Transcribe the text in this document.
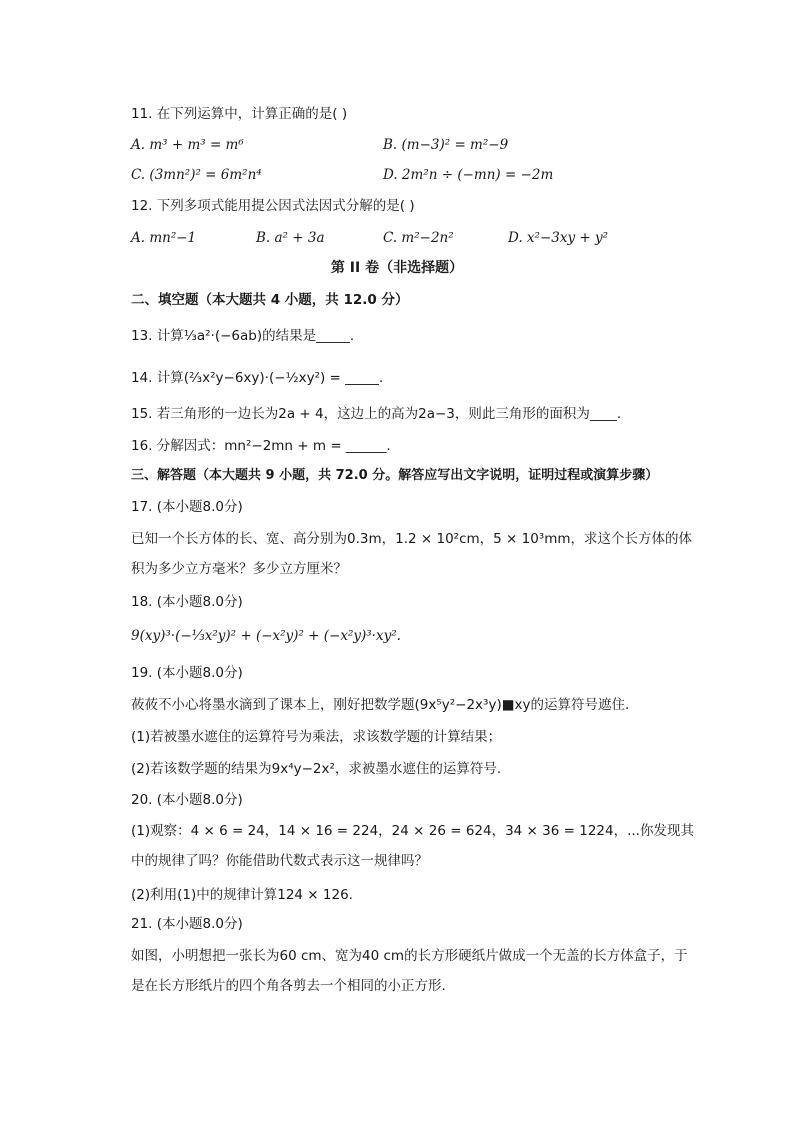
11. 在下列运算中，计算正确的是( )
A. m³ + m³ = m⁶	B. (m−3)² = m²−9
C. (3mn²)² = 6m²n⁴	D. 2m²n ÷ (−mn) = −2m
12. 下列多项式能用提公因式法因式分解的是( )
A. mn²−1	B. a² + 3a	C. m²−2n²	D. x²−3xy + y²
第 II 卷（非选择题）
二、填空题（本大题共 4 小题，共 12.0 分）
13. 计算⅓a²·(−6ab)的结果是_____.
14. 计算(⅔x²y−6xy)·(−½xy²) = _____.
15. 若三角形的一边长为2a + 4，这边上的高为2a−3，则此三角形的面积为____.
16. 分解因式：mn²−2mn + m = ______.
三、解答题（本大题共 9 小题，共 72.0 分。解答应写出文字说明，证明过程或演算步骤）
17. (本小题8.0分)
已知一个长方体的长、宽、高分别为0.3m，1.2 × 10²cm，5 × 10³mm，求这个长方体的体积为多少立方毫米？多少立方厘米？
18. (本小题8.0分)
9(xy)³·(−⅓x²y)² + (−x²y)² + (−x²y)³·xy².
19. (本小题8.0分)
莜莜不小心将墨水滴到了课本上，刚好把数学题(9x⁵y²−2x³y)■xy的运算符号遮住.
(1)若被墨水遮住的运算符号为乘法，求该数学题的计算结果；
(2)若该数学题的结果为9x⁴y−2x²，求被墨水遮住的运算符号.
20. (本小题8.0分)
(1)观察：4 × 6 = 24，14 × 16 = 224，24 × 26 = 624，34 × 36 = 1224，...你发现其中的规律了吗？你能借助代数式表示这一规律吗？
(2)利用(1)中的规律计算124 × 126.
21. (本小题8.0分)
如图，小明想把一张长为60 cm、宽为40 cm的长方形硬纸片做成一个无盖的长方体盒子，于是在长方形纸片的四个角各剪去一个相同的小正方形.
